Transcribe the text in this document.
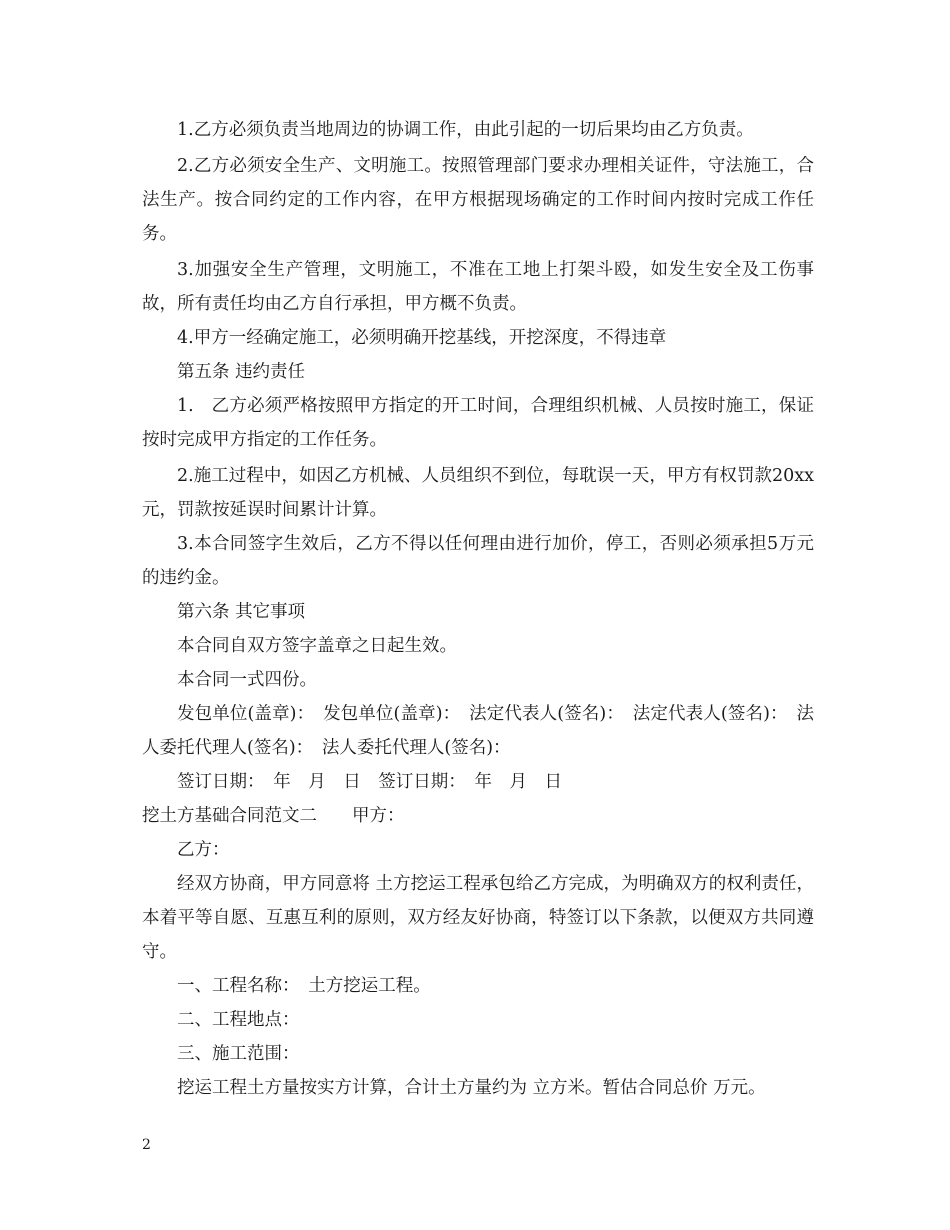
1.乙方必须负责当地周边的协调工作，由此引起的一切后果均由乙方负责。

2.乙方必须安全生产、文明施工。按照管理部门要求办理相关证件，守法施工，合法生产。按合同约定的工作内容，在甲方根据现场确定的工作时间内按时完成工作任务。

3.加强安全生产管理，文明施工，不准在工地上打架斗殴，如发生安全及工伤事故，所有责任均由乙方自行承担，甲方概不负责。

4.甲方一经确定施工，必须明确开挖基线，开挖深度，不得违章

第五条 违约责任

1.　乙方必须严格按照甲方指定的开工时间，合理组织机械、人员按时施工，保证按时完成甲方指定的工作任务。

2.施工过程中，如因乙方机械、人员组织不到位，每耽误一天，甲方有权罚款20xx元，罚款按延误时间累计计算。

3.本合同签字生效后，乙方不得以任何理由进行加价，停工，否则必须承担5万元的违约金。

第六条 其它事项

本合同自双方签字盖章之日起生效。

本合同一式四份。

发包单位(盖章)：　发包单位(盖章)：　法定代表人(签名)：　法定代表人(签名)：　法人委托代理人(签名)：　法人委托代理人(签名)：

签订日期：　年　月　日　签订日期：　年　月　日

挖土方基础合同范文二　　甲方：

乙方：

经双方协商，甲方同意将 土方挖运工程承包给乙方完成，为明确双方的权利责任，本着平等自愿、互惠互利的原则，双方经友好协商，特签订以下条款，以便双方共同遵守。

一、工程名称：　土方挖运工程。

二、工程地点：

三、施工范围：

挖运工程土方量按实方计算，合计土方量约为 立方米。暂估合同总价 万元。

2
